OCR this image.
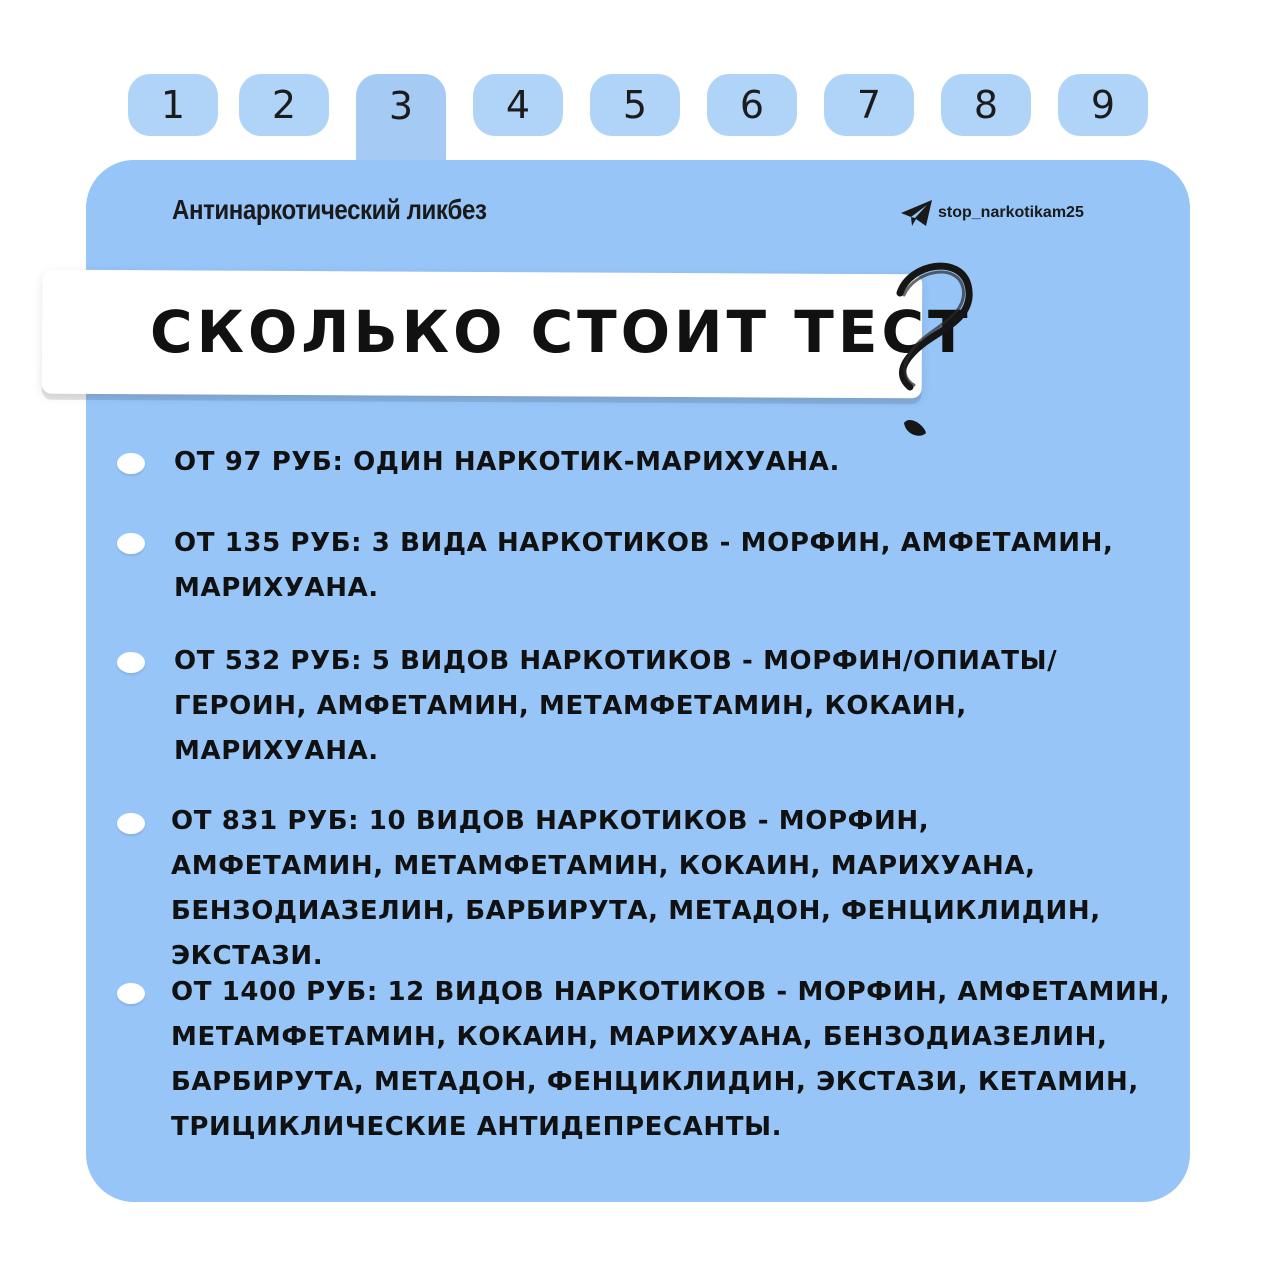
1 2 3 4 5 6 7 8 9
Антинаркотический ликбез	stop_narkotikam25
СКОЛЬКО СТОИТ ТЕСТ
ОТ 97 РУБ: ОДИН НАРКОТИК-МАРИХУАНА.
ОТ 135 РУБ: 3 ВИДА НАРКОТИКОВ - МОРФИН, АМФЕТАМИН, МАРИХУАНА.
ОТ 532 РУБ: 5 ВИДОВ НАРКОТИКОВ - МОРФИН/ОПИАТЫ/ ГЕРОИН, АМФЕТАМИН, МЕТАМФЕТАМИН, КОКАИН, МАРИХУАНА.
ОТ 831 РУБ: 10 ВИДОВ НАРКОТИКОВ - МОРФИН, АМФЕТАМИН, МЕТАМФЕТАМИН, КОКАИН, МАРИХУАНА, БЕНЗОДИАЗЕЛИН, БАРБИРУТА, МЕТАДОН, ФЕНЦИКЛИДИН, ЭКСТАЗИ.
ОТ 1400 РУБ: 12 ВИДОВ НАРКОТИКОВ - МОРФИН, АМФЕТАМИН, МЕТАМФЕТАМИН, КОКАИН, МАРИХУАНА, БЕНЗОДИАЗЕЛИН, БАРБИРУТА, МЕТАДОН, ФЕНЦИКЛИДИН, ЭКСТАЗИ, КЕТАМИН, ТРИЦИКЛИЧЕСКИЕ АНТИДЕПРЕСАНТЫ.
